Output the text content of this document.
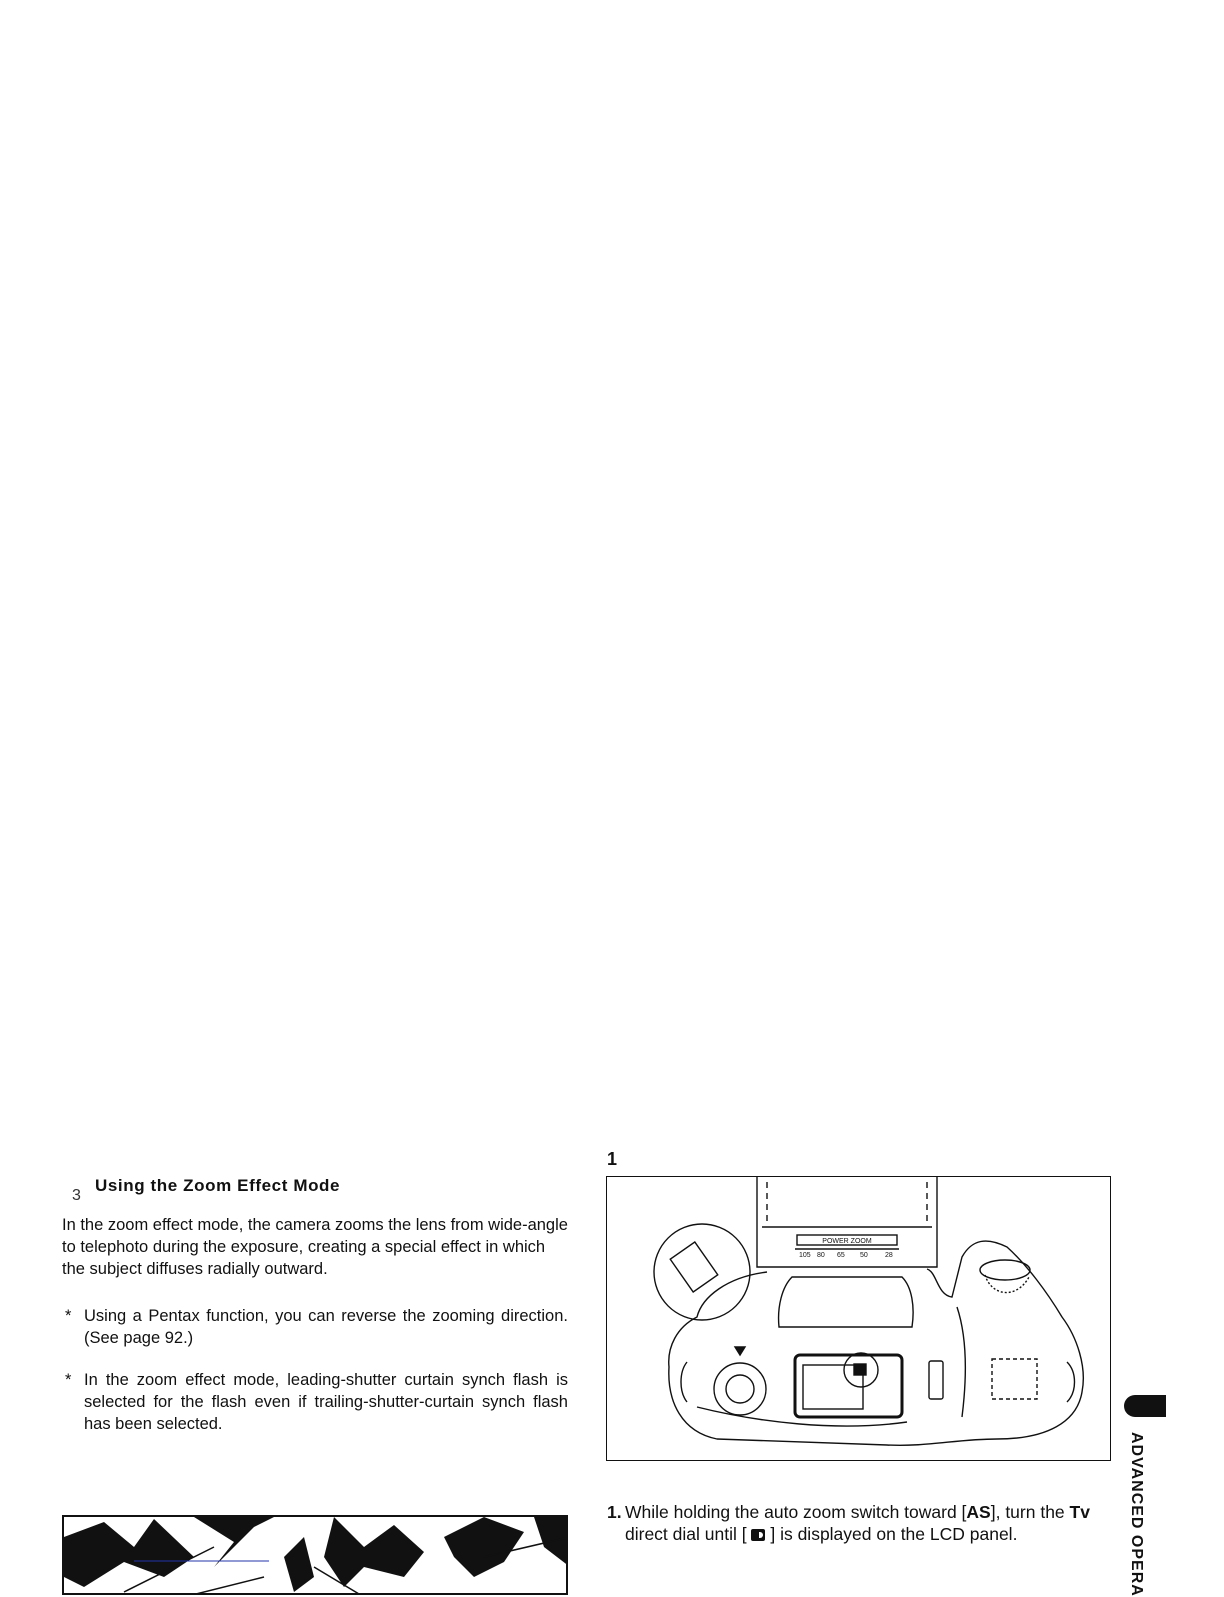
3
Using the Zoom Effect Mode
In the zoom effect mode, the camera zooms the lens from wide-angle to telephoto during the exposure, creating a special effect in which the subject diffuses radially outward.
* Using a Pentax function, you can reverse the zooming direction. (See page 92.)
* In the zoom effect mode, leading-shutter curtain synch flash is selected for the flash even if trailing-shutter-curtain synch flash has been selected.
1
POWER ZOOM
105 80 65 50 28
1. While holding the auto zoom switch toward [AS], turn the Tv direct dial until [ ] is displayed on the LCD panel.	ADVANCED OPERA
